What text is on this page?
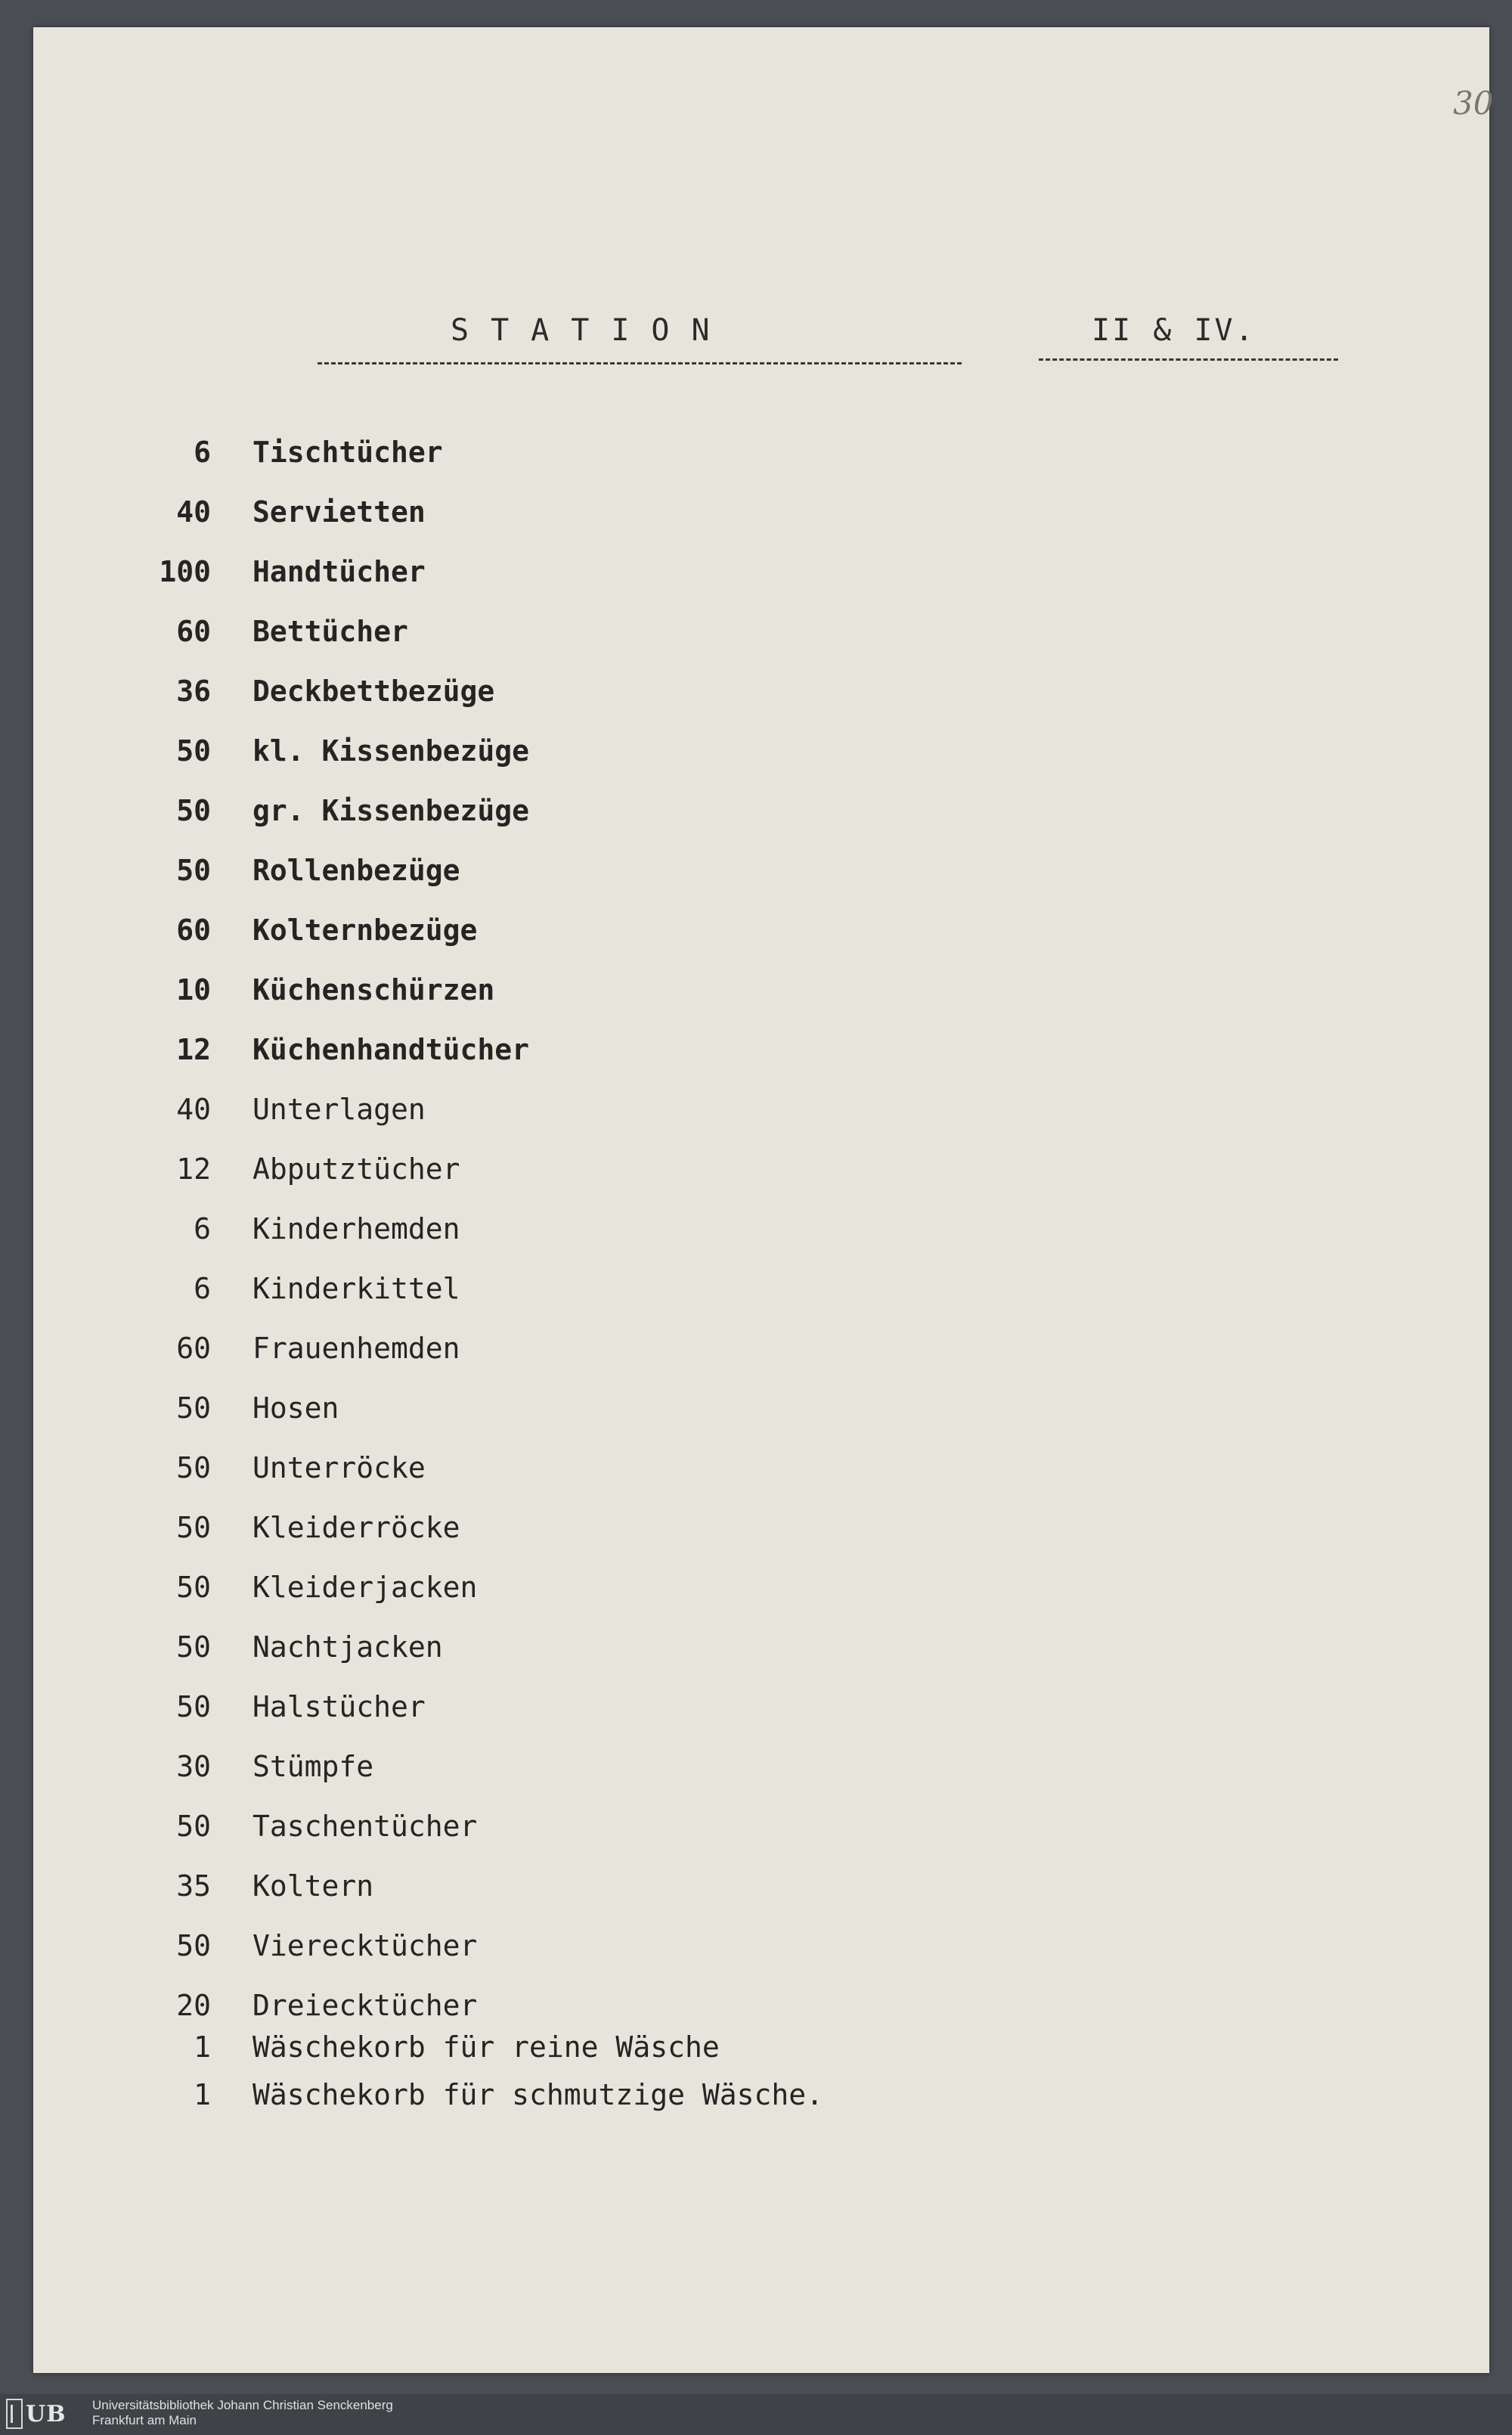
30
STATION	II & IV.
6 Tischtücher
40 Servietten
100 Handtücher
60 Bettücher
36 Deckbettbezüge
50 kl. Kissenbezüge
50 gr. Kissenbezüge
50 Rollenbezüge
60 Kolternbezüge
10 Küchenschürzen
12 Küchenhandtücher
40 Unterlagen
12 Abputztücher
6 Kinderhemden
6 Kinderkittel
60 Frauenhemden
50 Hosen
50 Unterröcke
50 Kleiderröcke
50 Kleiderjacken
50 Nachtjacken
50 Halstücher
30 Stümpfe
50 Taschentücher
35 Koltern
50 Vierecktücher
20 Dreiecktücher
1 Wäschekorb für reine Wäsche
1 Wäschekorb für schmutzige Wäsche.
UB Universitätsbibliothek Johann Christian Senckenberg
Frankfurt am Main
